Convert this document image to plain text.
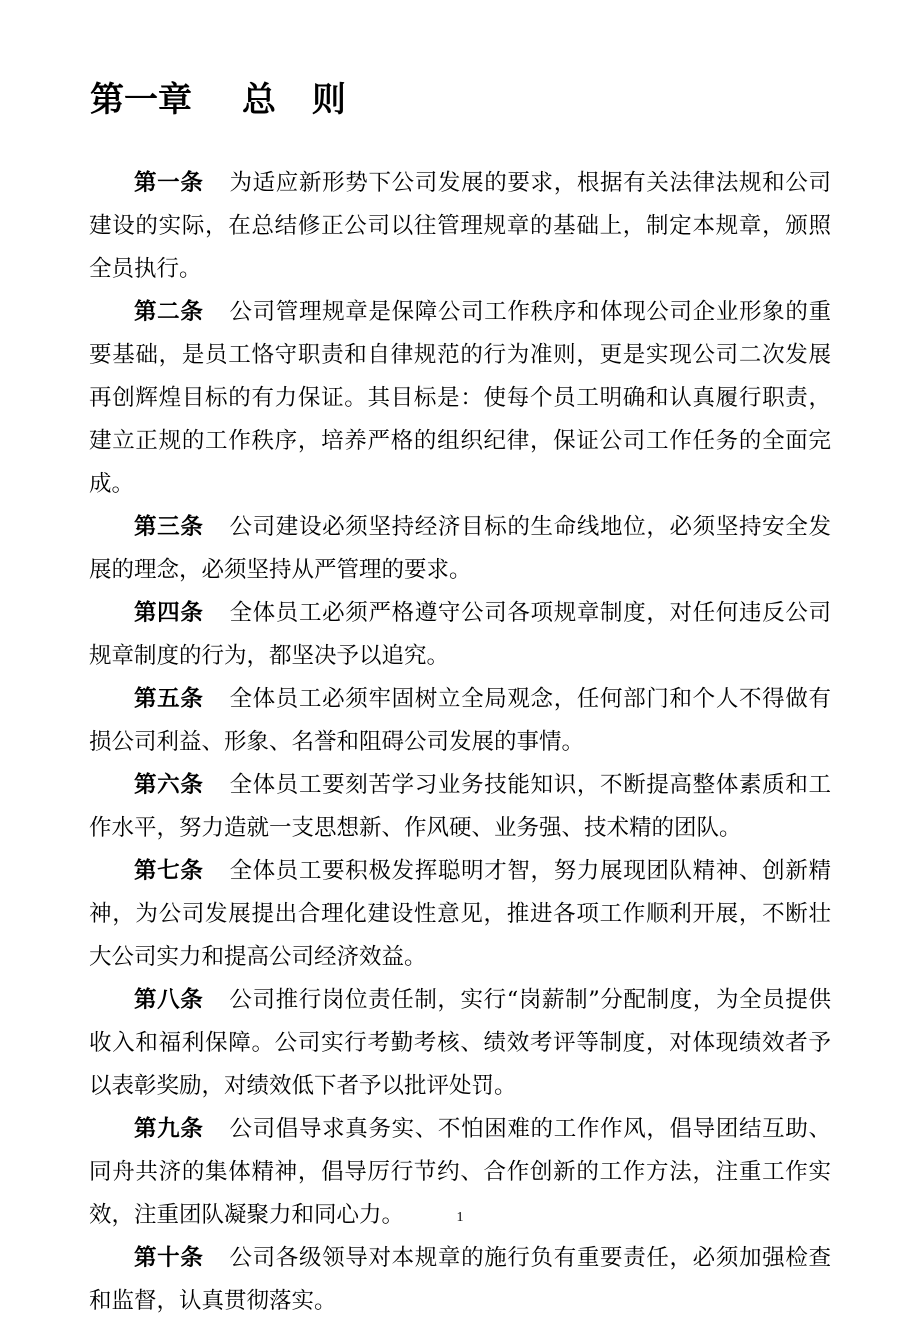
第一章 总 则

第一条 为适应新形势下公司发展的要求，根据有关法律法规和公司建设的实际，在总结修正公司以往管理规章的基础上，制定本规章，颁照全员执行。

第二条 公司管理规章是保障公司工作秩序和体现公司企业形象的重要基础，是员工恪守职责和自律规范的行为准则，更是实现公司二次发展再创辉煌目标的有力保证。其目标是：使每个员工明确和认真履行职责，建立正规的工作秩序，培养严格的组织纪律，保证公司工作任务的全面完成。

第三条 公司建设必须坚持经济目标的生命线地位，必须坚持安全发展的理念，必须坚持从严管理的要求。

第四条 全体员工必须严格遵守公司各项规章制度，对任何违反公司规章制度的行为，都坚决予以追究。

第五条 全体员工必须牢固树立全局观念，任何部门和个人不得做有损公司利益、形象、名誉和阻碍公司发展的事情。

第六条 全体员工要刻苦学习业务技能知识，不断提高整体素质和工作水平，努力造就一支思想新、作风硬、业务强、技术精的团队。

第七条 全体员工要积极发挥聪明才智，努力展现团队精神、创新精神，为公司发展提出合理化建设性意见，推进各项工作顺利开展，不断壮大公司实力和提高公司经济效益。

第八条 公司推行岗位责任制，实行“岗薪制”分配制度，为全员提供收入和福利保障。公司实行考勤考核、绩效考评等制度，对体现绩效者予以表彰奖励，对绩效低下者予以批评处罚。

第九条 公司倡导求真务实、不怕困难的工作作风，倡导团结互助、同舟共济的集体精神，倡导厉行节约、合作创新的工作方法，注重工作实效，注重团队凝聚力和同心力。

第十条 公司各级领导对本规章的施行负有重要责任，必须加强检查和监督，认真贯彻落实。

1
